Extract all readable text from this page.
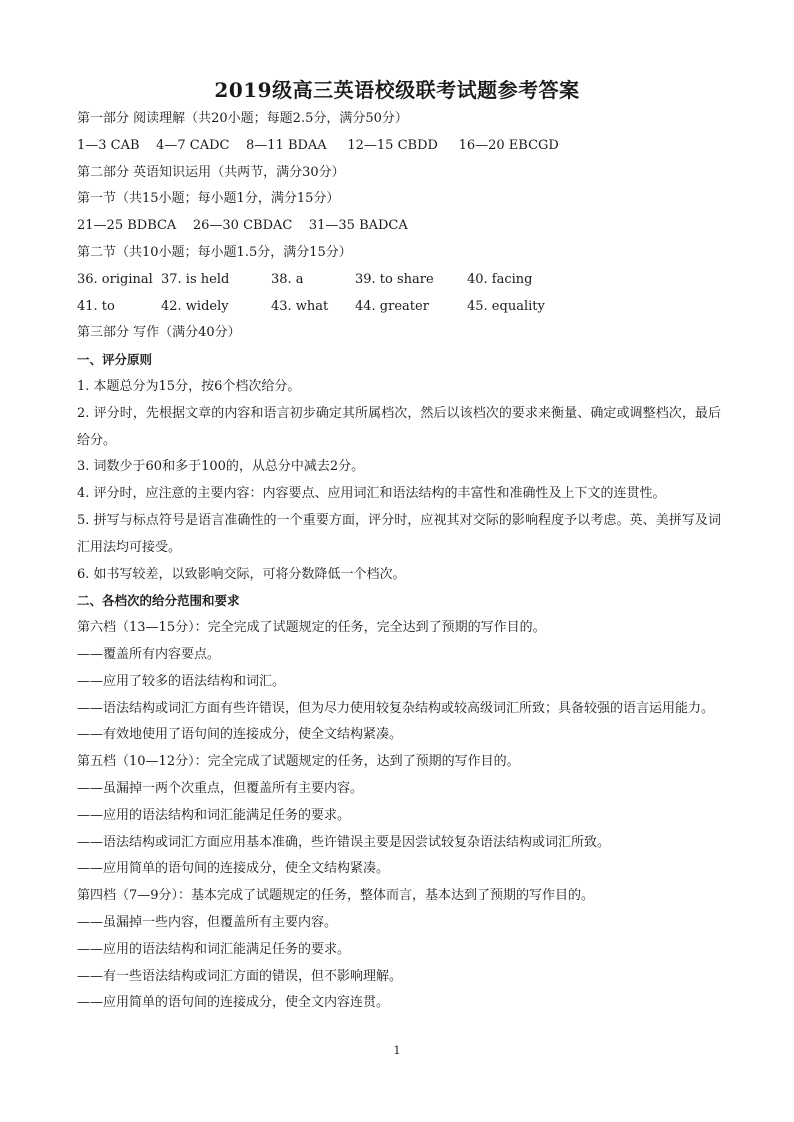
2019级高三英语校级联考试题参考答案
第一部分 阅读理解（共20小题；每题2.5分，满分50分）
1—3 CAB    4—7 CADC    8—11 BDAA     12—15 CBDD     16—20 EBCGD
第二部分 英语知识运用（共两节，满分30分）
第一节（共15小题；每小题1分，满分15分）
21—25 BDBCA    26—30 CBDAC    31—35 BADCA
第二节（共10小题；每小题1.5分，满分15分）
36. original 37. is held	38. a	39. to share	40. facing
41. to	42. widely	43. what	44. greater	45. equality
第三部分 写作（满分40分）
一、评分原则
1. 本题总分为15分，按6个档次给分。
2. 评分时，先根据文章的内容和语言初步确定其所属档次，然后以该档次的要求来衡量、确定或调整档次，最后给分。
3. 词数少于60和多于100的，从总分中减去2分。
4. 评分时，应注意的主要内容：内容要点、应用词汇和语法结构的丰富性和准确性及上下文的连贯性。
5. 拼写与标点符号是语言准确性的一个重要方面，评分时，应视其对交际的影响程度予以考虑。英、美拼写及词汇用法均可接受。
6. 如书写较差，以致影响交际，可将分数降低一个档次。
二、各档次的给分范围和要求
第六档（13—15分）：完全完成了试题规定的任务，完全达到了预期的写作目的。
——覆盖所有内容要点。
——应用了较多的语法结构和词汇。
——语法结构或词汇方面有些许错误，但为尽力使用较复杂结构或较高级词汇所致；具备较强的语言运用能力。
——有效地使用了语句间的连接成分，使全文结构紧凑。
第五档（10—12分）：完全完成了试题规定的任务，达到了预期的写作目的。
——虽漏掉一两个次重点，但覆盖所有主要内容。
——应用的语法结构和词汇能满足任务的要求。
——语法结构或词汇方面应用基本准确，些许错误主要是因尝试较复杂语法结构或词汇所致。
——应用简单的语句间的连接成分，使全文结构紧凑。
第四档（7—9分）：基本完成了试题规定的任务，整体而言，基本达到了预期的写作目的。
——虽漏掉一些内容，但覆盖所有主要内容。
——应用的语法结构和词汇能满足任务的要求。
——有一些语法结构或词汇方面的错误，但不影响理解。
——应用简单的语句间的连接成分，使全文内容连贯。
1
